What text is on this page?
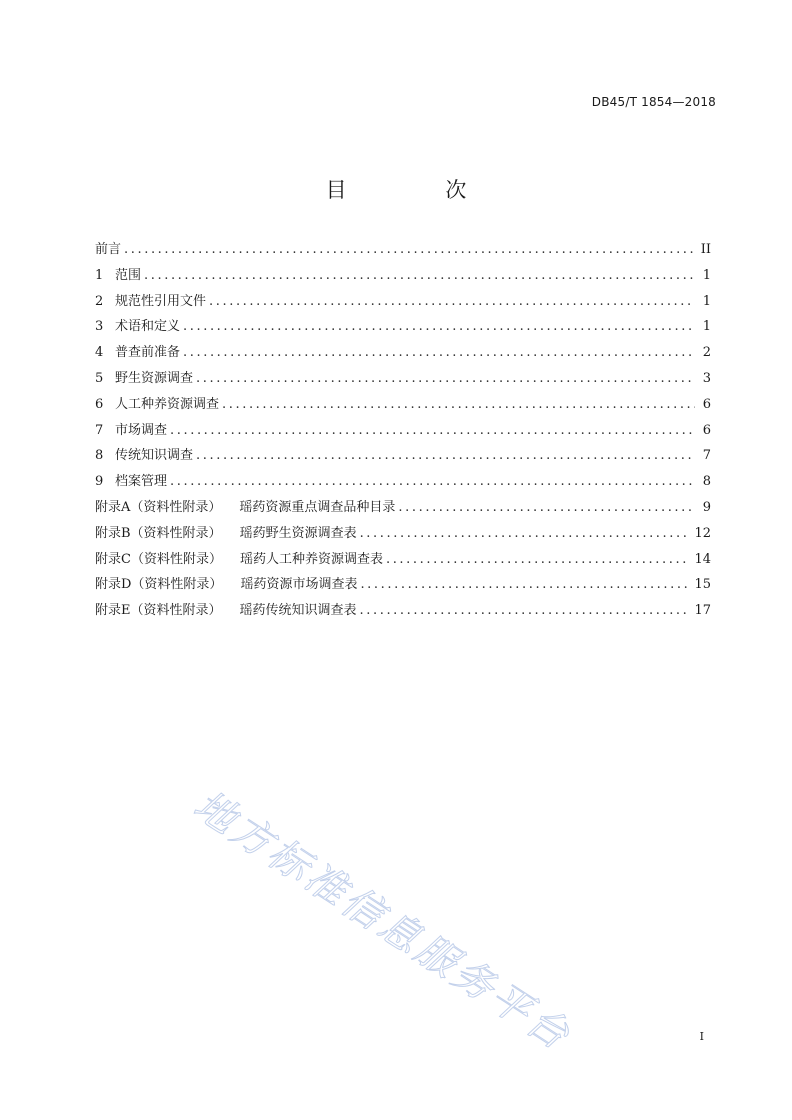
DB45/T 1854—2018
目 次
前言 .....	II
1 范围 .....	1
2 规范性引用文件 .....	1
3 术语和定义 .....	1
4 普查前准备 .....	2
5 野生资源调查 .....	3
6 人工种养资源调查 .....	6
7 市场调查 .....	6
8 传统知识调查 .....	7
9 档案管理 .....	8
附录A（资料性附录） 瑶药资源重点调查品种目录 .....	9
附录B（资料性附录） 瑶药野生资源调查表 .....	12
附录C（资料性附录） 瑶药人工种养资源调查表 .....	14
附录D（资料性附录） 瑶药资源市场调查表 .....	15
附录E（资料性附录） 瑶药传统知识调查表 .....	17
I
地方标准信息服务平台
